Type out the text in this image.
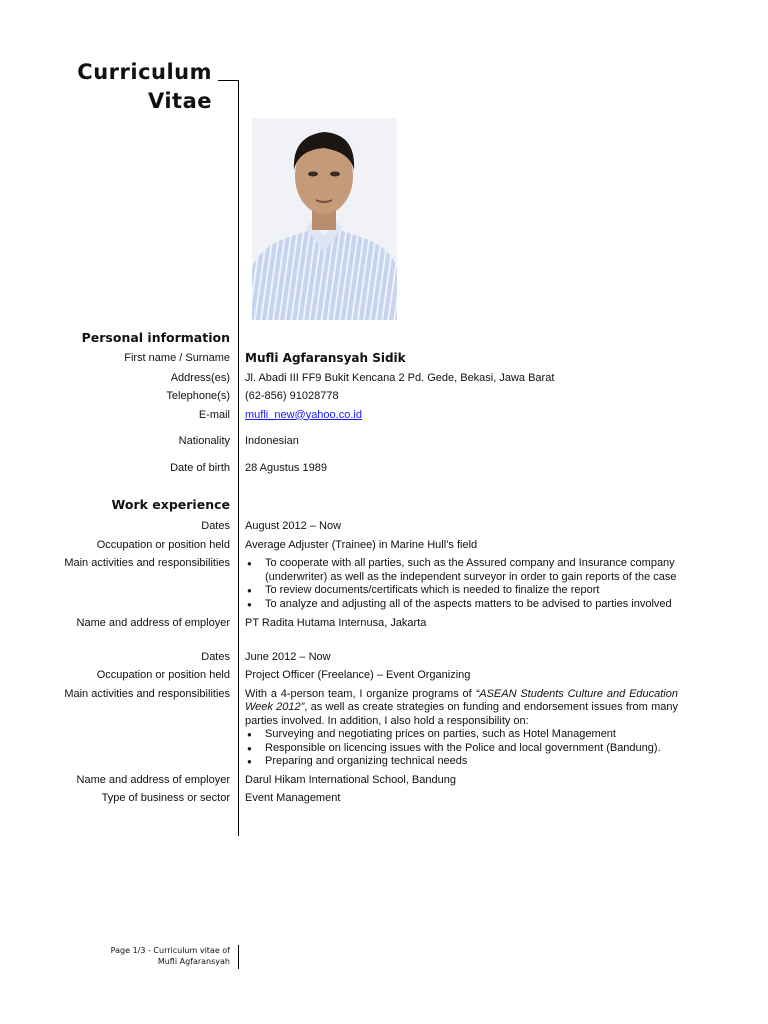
Curriculum
Vitae
Personal information
First name / Surname Mufli Agfaransyah Sidik
Address(es) Jl. Abadi III FF9 Bukit Kencana 2 Pd. Gede, Bekasi, Jawa Barat
Telephone(s) (62-856) 91028778
E-mail mufli_new@yahoo.co.id
Nationality Indonesian
Date of birth 28 Agustus 1989
Work experience
Dates August 2012 – Now
Occupation or position held Average Adjuster (Trainee) in Marine Hull’s field
Main activities and responsibilities
●	To cooperate with all parties, such as the Assured company and Insurance company (underwriter) as well as the independent surveyor in order to gain reports of the case
● To review documents/certificats which is needed to finalize the report
● To analyze and adjusting all of the aspects matters to be advised to parties involved
Name and address of employer PT Radita Hutama Internusa, Jakarta
Dates June 2012 – Now
Occupation or position held Project Officer (Freelance) – Event Organizing
Main activities and responsibilities With a 4-person team, I organize programs of “ASEAN Students Culture and Education Week 2012”, as well as create strategies on funding and endorsement issues from many parties involved. In addition, I also hold a responsibility on:
● Surveying and negotiating prices on parties, such as Hotel Management
● Responsible on licencing issues with the Police and local government (Bandung).
● Preparing and organizing technical needs
Name and address of employer Darul Hikam International School, Bandung
Type of business or sector Event Management
Page 1/3 - Curriculum vitae of
Mufli Agfaransyah
